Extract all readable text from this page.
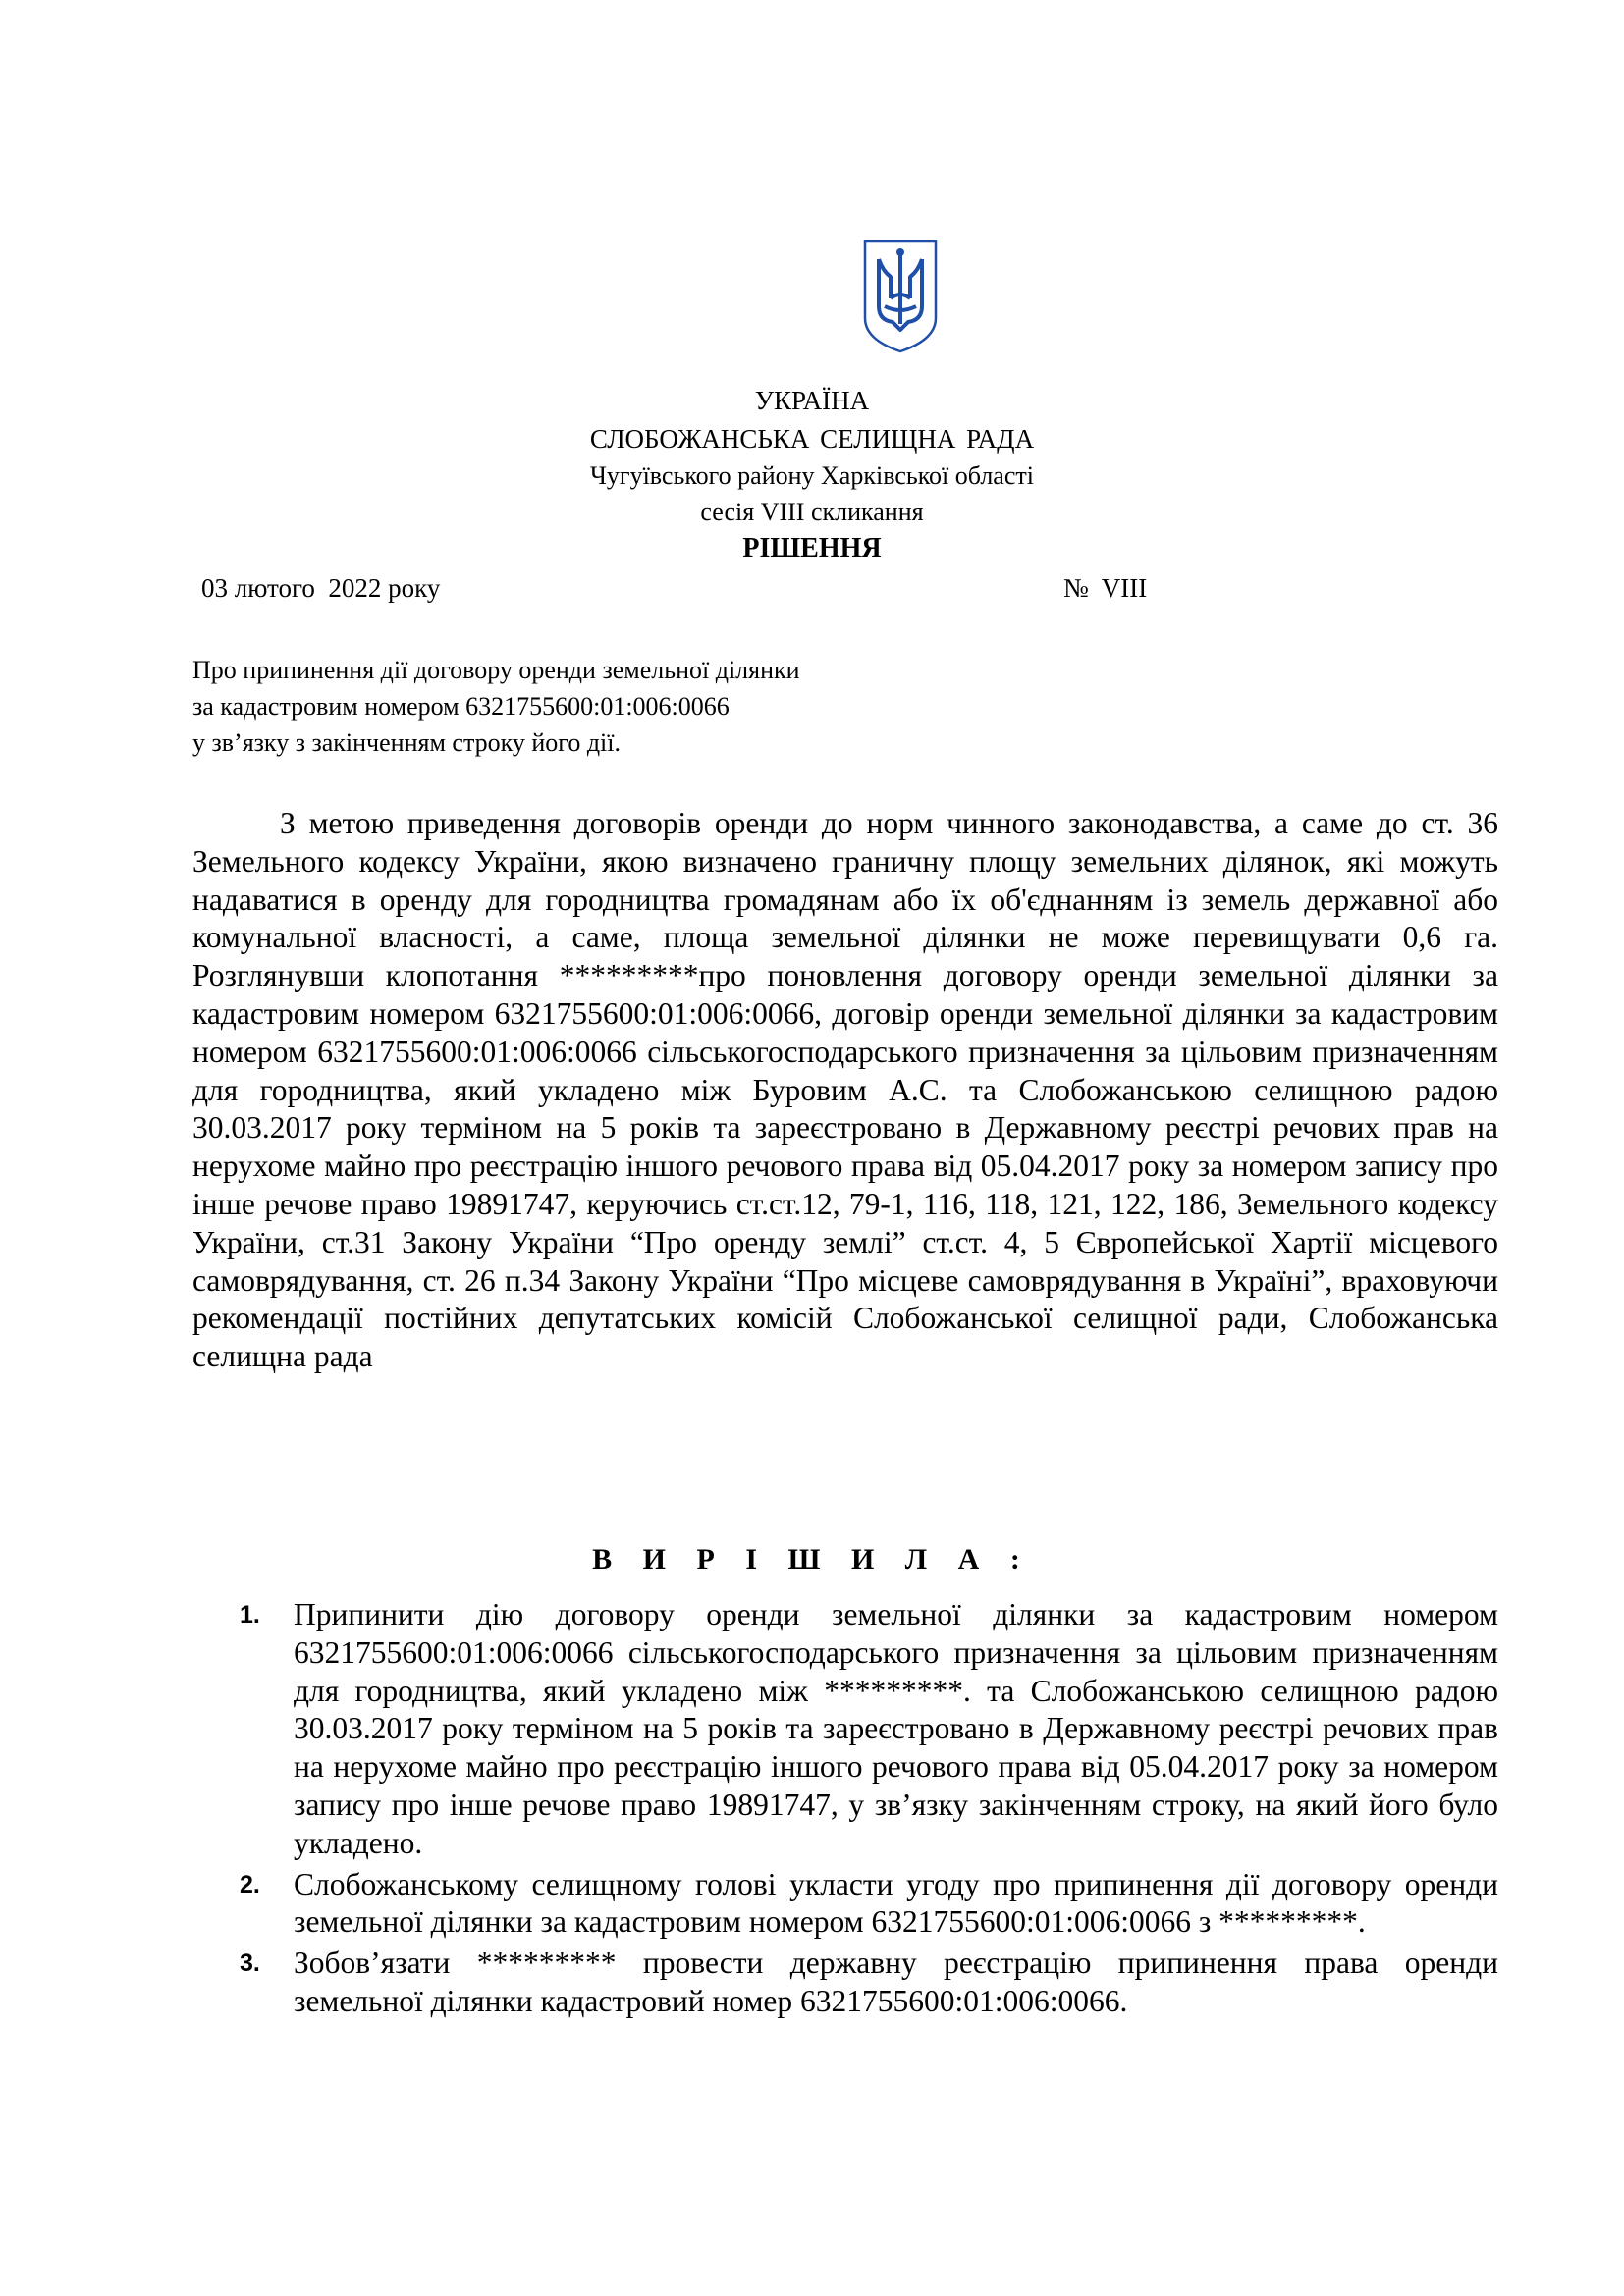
УКРАЇНА
СЛОБОЖАНСЬКА СЕЛИЩНА РАДА
Чугуївського району Харківської області
сесія VIII скликання
РІШЕННЯ
03 лютого  2022 року	№  VIII
Про припинення дії договору оренди земельної ділянки
за кадастровим номером 6321755600:01:006:0066
у зв’язку з закінченням строку його дії.
З метою приведення договорів оренди до норм чинного законодавства, а саме до ст. 36 Земельного кодексу України, якою визначено граничну площу земельних ділянок, які можуть надаватися в оренду для городництва громадянам або їх об'єднанням із земель державної або комунальної власності, а саме, площа земельної ділянки не може перевищувати 0,6 га. Розглянувши клопотання *********про поновлення договору оренди земельної ділянки за кадастровим номером 6321755600:01:006:0066, договір оренди земельної ділянки за кадастровим номером 6321755600:01:006:0066 сільськогосподарського призначення за цільовим призначенням для городництва, який укладено між Буровим А.С. та Слобожанською селищною радою 30.03.2017 року терміном на 5 років та зареєстровано в Державному реєстрі речових прав на нерухоме майно про реєстрацію іншого речового права від 05.04.2017 року за номером запису про інше речове право 19891747, керуючись ст.ст.12, 79-1, 116, 118, 121, 122, 186, Земельного кодексу України, ст.31 Закону України “Про оренду землі” ст.ст. 4, 5 Європейської Хартії місцевого самоврядування, ст. 26 п.34 Закону України “Про місцеве самоврядування в Україні”, враховуючи рекомендації постійних депутатських комісій Слобожанської селищної ради, Слобожанська селищна рада
В И Р І Ш И Л А :
1. Припинити дію договору оренди земельної ділянки за кадастровим номером 6321755600:01:006:0066 сільськогосподарського призначення за цільовим призначенням для городництва, який укладено між *********. та Слобожанською селищною радою 30.03.2017 року терміном на 5 років та зареєстровано в Державному реєстрі речових прав на нерухоме майно про реєстрацію іншого речового права від 05.04.2017 року за номером запису про інше речове право 19891747, у зв’язку закінченням строку, на який його було укладено.
2. Слобожанському селищному голові укласти угоду про припинення дії договору оренди земельної ділянки за кадастровим номером 6321755600:01:006:0066 з *********.
3. Зобов’язати ********* провести державну реєстрацію припинення права оренди земельної ділянки кадастровий номер 6321755600:01:006:0066.
